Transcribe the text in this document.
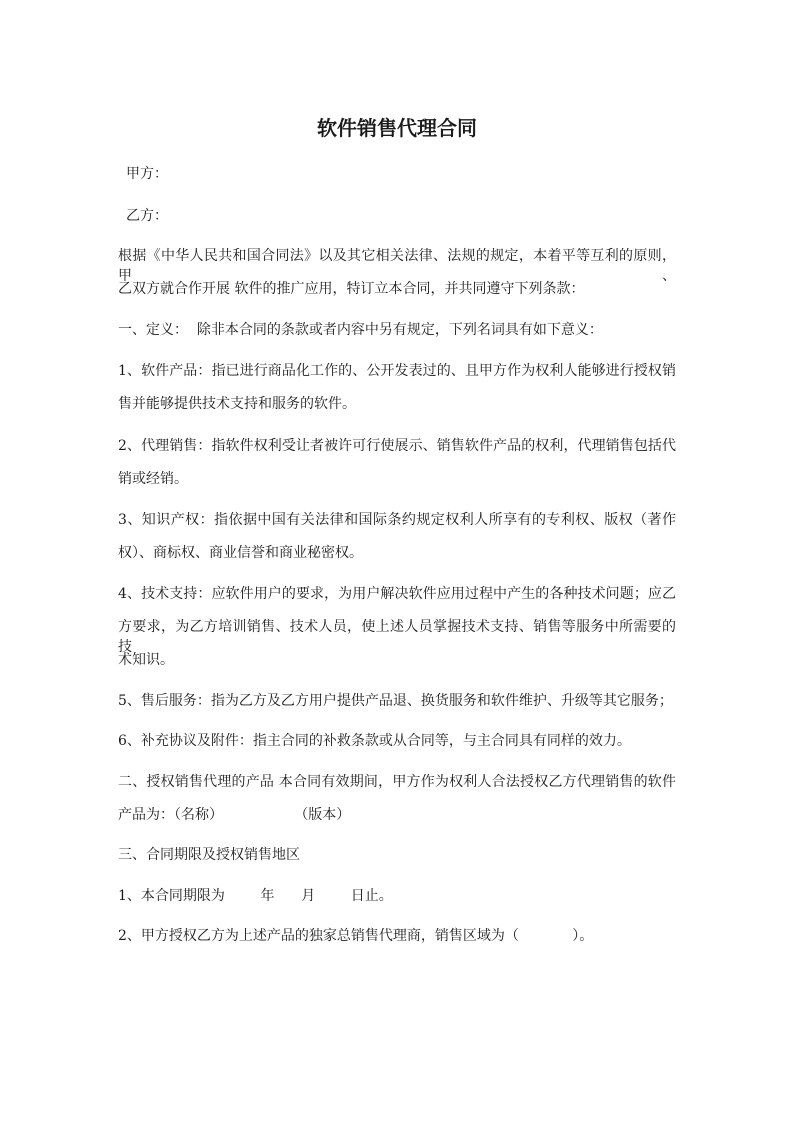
软件销售代理合同
甲方：
乙方：
根据《中华人民共和国合同法》以及其它相关法律、法规的规定，本着平等互利的原则，甲、
乙双方就合作开展 软件的推广应用，特订立本合同，并共同遵守下列条款：
一、定义：  除非本合同的条款或者内容中另有规定，下列名词具有如下意义：
1、软件产品：指已进行商品化工作的、公开发表过的、且甲方作为权利人能够进行授权销
售并能够提供技术支持和服务的软件。
2、代理销售：指软件权利受让者被许可行使展示、销售软件产品的权利，代理销售包括代
销或经销。
3、知识产权：指依据中国有关法律和国际条约规定权利人所享有的专利权、版权（著作
权）、商标权、商业信誉和商业秘密权。
4、技术支持：应软件用户的要求，为用户解决软件应用过程中产生的各种技术问题；应乙
方要求，为乙方培训销售、技术人员，使上述人员掌握技术支持、销售等服务中所需要的技
术知识。
5、售后服务：指为乙方及乙方用户提供产品退、换货服务和软件维护、升级等其它服务；
6、补充协议及附件：指主合同的补救条款或从合同等，与主合同具有同样的效力。
二、授权销售代理的产品 本合同有效期间，甲方作为权利人合法授权乙方代理销售的软件
产品为：（名称）                （版本）
三、合同期限及授权销售地区
1、本合同期限为        年      月        日止。
2、甲方授权乙方为上述产品的独家总销售代理商，销售区域为（            ）。
